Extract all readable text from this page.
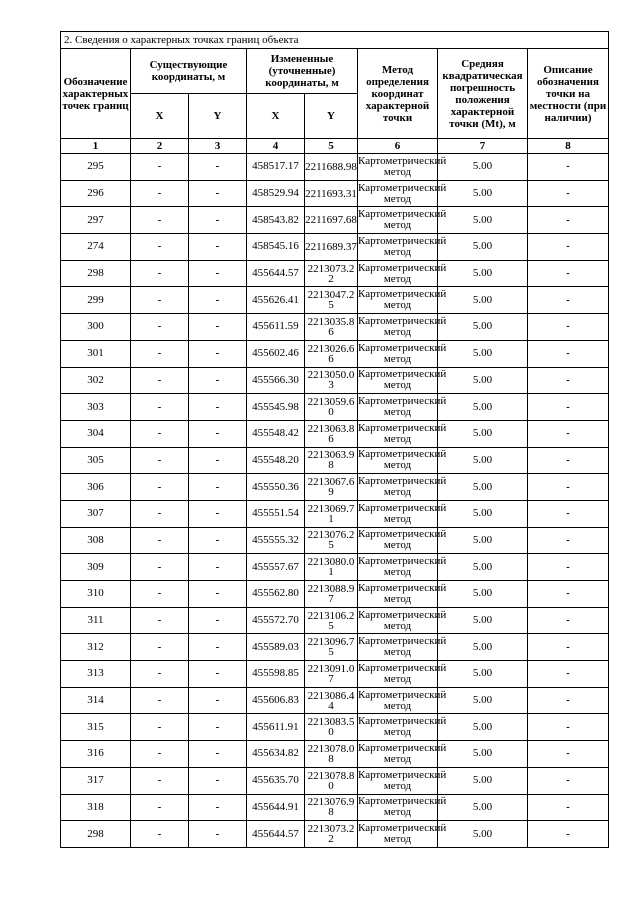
2. Сведения о характерных точках границ объекта							
Обозначение характерных точек границ	Существующие координаты, м		Измененные (уточненные) координаты, м		Метод определения координат характерной точки	Средняя квадратическая погрешность положения характерной точки (Mt), м	Описание обозначения точки на местности (при наличии)
	X	Y	X	Y			
1	2	3	4	5	6	7	8
295	-	-	458517.17	2211688.98	Картометрический метод	5.00	-
296	-	-	458529.94	2211693.31	Картометрический метод	5.00	-
297	-	-	458543.82	2211697.68	Картометрический метод	5.00	-
274	-	-	458545.16	2211689.37	Картометрический метод	5.00	-
298	-	-	455644.57	2213073.22	Картометрический метод	5.00	-
299	-	-	455626.41	2213047.25	Картометрический метод	5.00	-
300	-	-	455611.59	2213035.86	Картометрический метод	5.00	-
301	-	-	455602.46	2213026.66	Картометрический метод	5.00	-
302	-	-	455566.30	2213050.03	Картометрический метод	5.00	-
303	-	-	455545.98	2213059.60	Картометрический метод	5.00	-
304	-	-	455548.42	2213063.86	Картометрический метод	5.00	-
305	-	-	455548.20	2213063.98	Картометрический метод	5.00	-
306	-	-	455550.36	2213067.69	Картометрический метод	5.00	-
307	-	-	455551.54	2213069.71	Картометрический метод	5.00	-
308	-	-	455555.32	2213076.25	Картометрический метод	5.00	-
309	-	-	455557.67	2213080.01	Картометрический метод	5.00	-
310	-	-	455562.80	2213088.97	Картометрический метод	5.00	-
311	-	-	455572.70	2213106.25	Картометрический метод	5.00	-
312	-	-	455589.03	2213096.75	Картометрический метод	5.00	-
313	-	-	455598.85	2213091.07	Картометрический метод	5.00	-
314	-	-	455606.83	2213086.44	Картометрический метод	5.00	-
315	-	-	455611.91	2213083.50	Картометрический метод	5.00	-
316	-	-	455634.82	2213078.08	Картометрический метод	5.00	-
317	-	-	455635.70	2213078.80	Картометрический метод	5.00	-
318	-	-	455644.91	2213076.98	Картометрический метод	5.00	-
298	-	-	455644.57	2213073.22	Картометрический метод	5.00	-
